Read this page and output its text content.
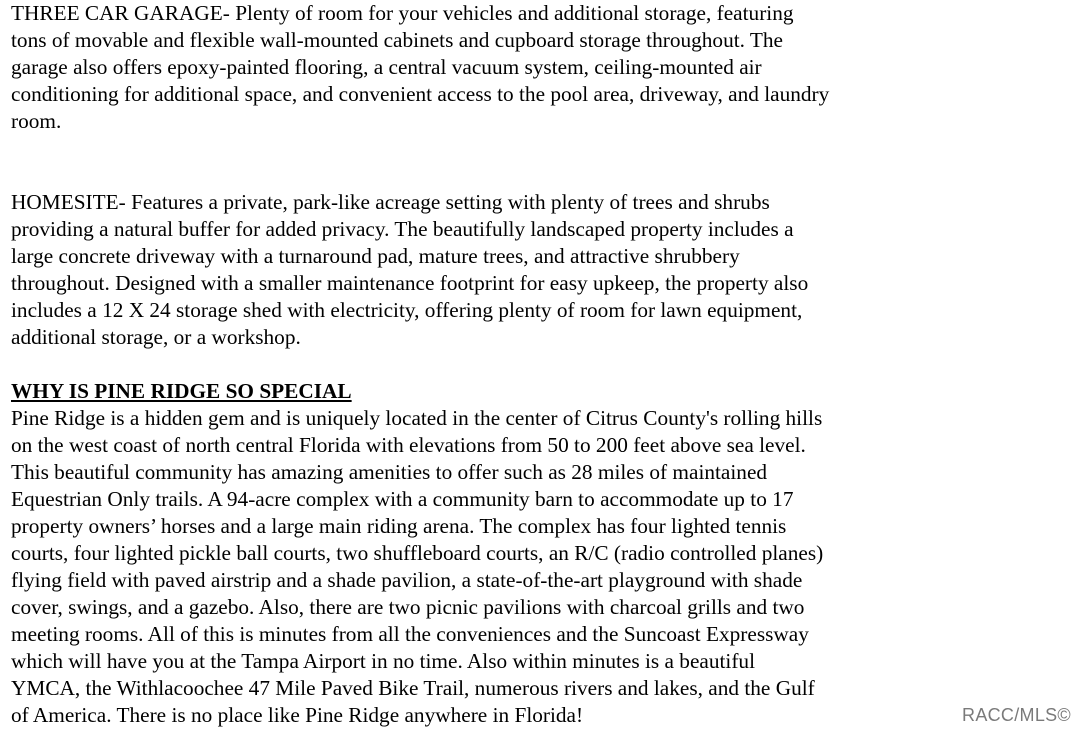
THREE CAR GARAGE- Plenty of room for your vehicles and additional storage, featuring
tons of movable and flexible wall-mounted cabinets and cupboard storage throughout. The
garage also offers epoxy-painted flooring, a central vacuum system, ceiling-mounted air
conditioning for additional space, and convenient access to the pool area, driveway, and laundry
room.

HOMESITE- Features a private, park-like acreage setting with plenty of trees and shrubs
providing a natural buffer for added privacy. The beautifully landscaped property includes a
large concrete driveway with a turnaround pad, mature trees, and attractive shrubbery
throughout. Designed with a smaller maintenance footprint for easy upkeep, the property also
includes a 12 X 24 storage shed with electricity, offering plenty of room for lawn equipment,
additional storage, or a workshop.

WHY IS PINE RIDGE SO SPECIAL

Pine Ridge is a hidden gem and is uniquely located in the center of Citrus County's rolling hills
on the west coast of north central Florida with elevations from 50 to 200 feet above sea level.
This beautiful community has amazing amenities to offer such as 28 miles of maintained
Equestrian Only trails. A 94-acre complex with a community barn to accommodate up to 17
property owners’ horses and a large main riding arena. The complex has four lighted tennis
courts, four lighted pickle ball courts, two shuffleboard courts, an R/C (radio controlled planes)
flying field with paved airstrip and a shade pavilion, a state-of-the-art playground with shade
cover, swings, and a gazebo. Also, there are two picnic pavilions with charcoal grills and two
meeting rooms. All of this is minutes from all the conveniences and the Suncoast Expressway
which will have you at the Tampa Airport in no time. Also within minutes is a beautiful
YMCA, the Withlacoochee 47 Mile Paved Bike Trail, numerous rivers and lakes, and the Gulf
of America. There is no place like Pine Ridge anywhere in Florida!	RACC/MLS©
